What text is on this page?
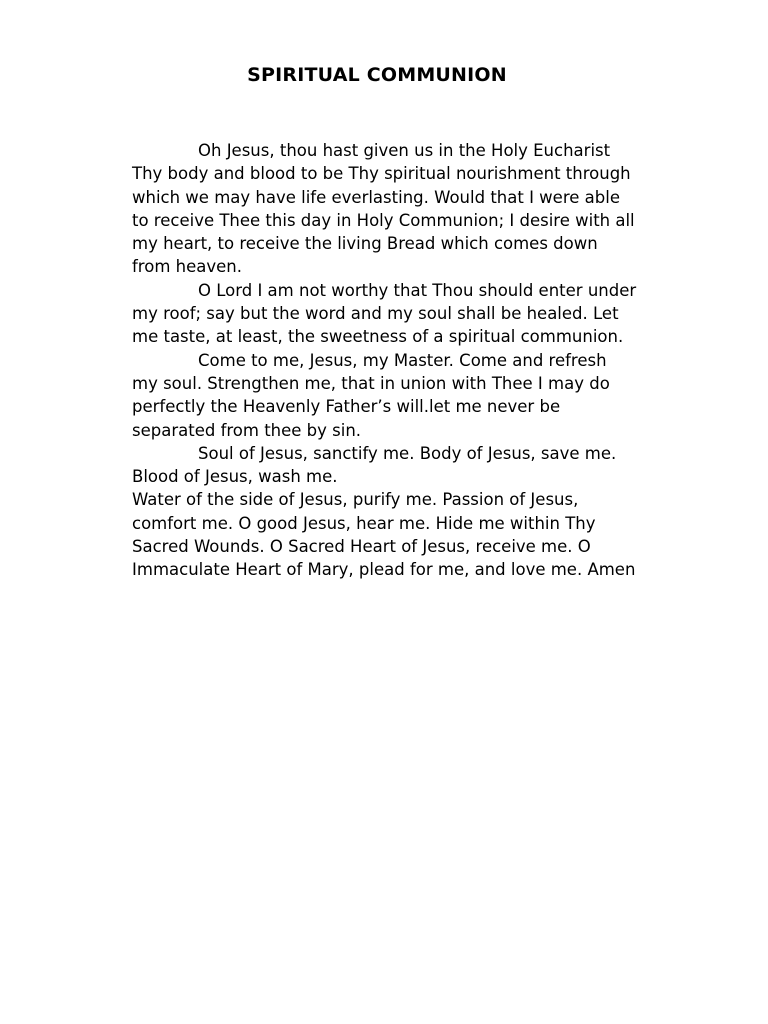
SPIRITUAL COMMUNION

Oh Jesus, thou hast given us in the Holy Eucharist Thy body and blood to be Thy spiritual nourishment through which we may have life everlasting. Would that I were able to receive Thee this day in Holy Communion; I desire with all my heart, to receive the living Bread which comes down from heaven.

O Lord I am not worthy that Thou should enter under my roof; say but the word and my soul shall be healed. Let me taste, at least, the sweetness of a spiritual communion.

Come to me, Jesus, my Master. Come and refresh my soul. Strengthen me, that in union with Thee I may do perfectly the Heavenly Father’s will.let me never be separated from thee by sin.

Soul of Jesus, sanctify me. Body of Jesus, save me. Blood of Jesus, wash me.

Water of the side of Jesus, purify me. Passion of Jesus, comfort me. O good Jesus, hear me. Hide me within Thy Sacred Wounds. O Sacred Heart of Jesus, receive me. O Immaculate Heart of Mary, plead for me, and love me. Amen
